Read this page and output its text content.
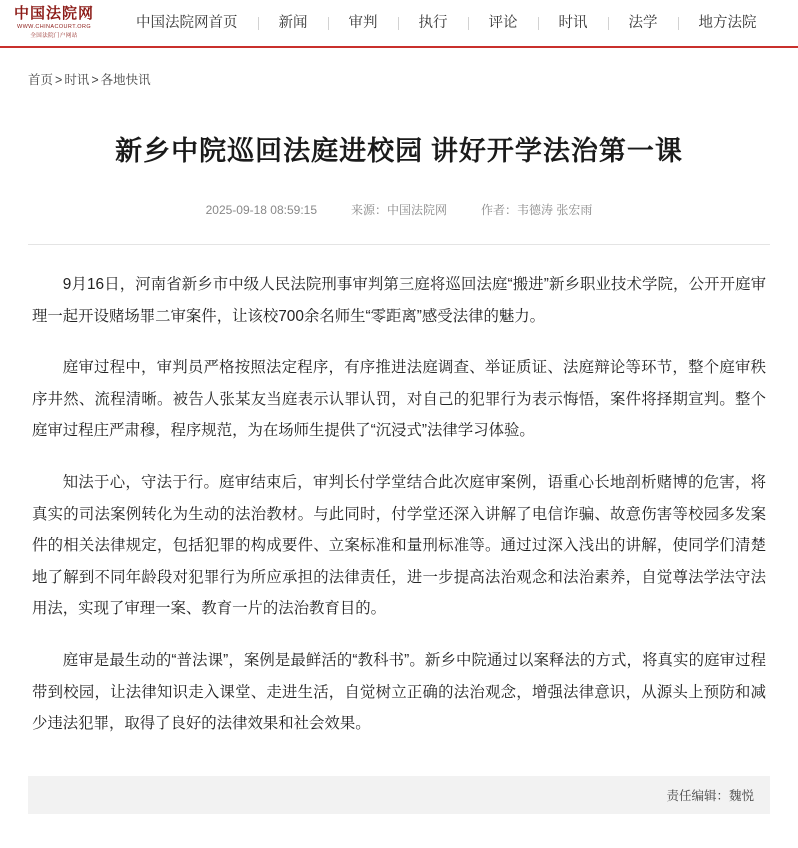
中国法院网
WWW.CHINACOURT.ORG
全国法院门户网站
中国法院网首页	新闻	审判	执行	评论	时讯	法学	地方法院
首页 > 时讯 > 各地快讯
新乡中院巡回法庭进校园 讲好开学法治第一课
2025-09-18 08:59:15	来源：中国法院网	作者：韦德涛 张宏雨

9月16日，河南省新乡市中级人民法院刑事审判第三庭将巡回法庭“搬进”新乡职业技术学院，公开开庭审理一起开设赌场罪二审案件，让该校700余名师生“零距离”感受法律的魅力。

庭审过程中，审判员严格按照法定程序，有序推进法庭调查、举证质证、法庭辩论等环节，整个庭审秩序井然、流程清晰。被告人张某友当庭表示认罪认罚，对自己的犯罪行为表示悔悟，案件将择期宣判。整个庭审过程庄严肃穆，程序规范，为在场师生提供了“沉浸式”法律学习体验。

知法于心，守法于行。庭审结束后，审判长付学堂结合此次庭审案例，语重心长地剖析赌博的危害，将真实的司法案例转化为生动的法治教材。与此同时，付学堂还深入讲解了电信诈骗、故意伤害等校园多发案件的相关法律规定，包括犯罪的构成要件、立案标准和量刑标准等。通过过深入浅出的讲解，使同学们清楚地了解到不同年龄段对犯罪行为所应承担的法律责任，进一步提高法治观念和法治素养，自觉尊法学法守法用法，实现了审理一案、教育一片的法治教育目的。

庭审是最生动的“普法课”，案例是最鲜活的“教科书”。新乡中院通过以案释法的方式，将真实的庭审过程带到校园，让法律知识走入课堂、走进生活，自觉树立正确的法治观念，增强法律意识，从源头上预防和减少违法犯罪，取得了良好的法律效果和社会效果。

责任编辑：魏悦
